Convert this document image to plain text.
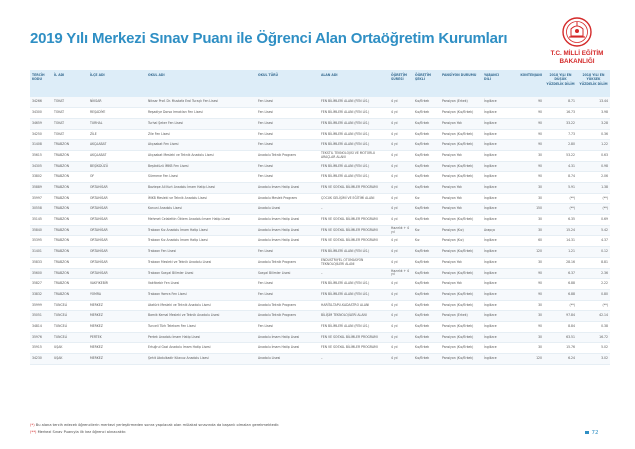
2019 Yılı Merkezi Sınav Puanı ile Öğrenci Alan Ortaöğretim Kurumları
T.C. MİLLİ EĞİTİM
BAKANLIĞI
TERCİH KODU	İL ADI	İLÇE ADI	OKUL ADI	OKUL TÜRÜ	ALAN ADI	ÖĞRETİM SÜRESİ	ÖĞRETİM ŞEKLİ	PANSİYON DURUMU	YABANCI DİLİ	KONTENJANI	2018 YILI EN DÜŞÜK YÜZDELİK DİLİM	2018 YILI EN YÜKSEK YÜZDELİK DİLİM
34266	TOKAT	NİKSAR	Niksar Prof. Dr. Mustafa Erol Turaçlı Fen Lisesi	Fen Lisesi	FEN BİLİMLERİ ALANI (FEN LİS.)	4 yıl	Kız/Erkek	Pansiyon (Erkek)	İngilizce	90	8.71	13.44
34300	TOKAT	REŞADİYE	Reşadiye Dorsa Irmakları Fen Lisesi	Fen Lisesi	FEN BİLİMLERİ ALANI (FEN LİS.)	4 yıl	Kız/Erkek	Pansiyon (Kız/Erkek)	İngilizce	90	16.73	3.98
34659	TOKAT	TURHAL	Turhal Şeker Fen Lisesi	Fen Lisesi	FEN BİLİMLERİ ALANI (FEN LİS.)	4 yıl	Kız/Erkek	Pansiyon Yok	İngilizce	90	33.22	3.28
34250	TOKAT	ZİLE	Zile Fen Lisesi	Fen Lisesi	FEN BİLİMLERİ ALANI (FEN LİS.)	4 yıl	Kız/Erkek	Pansiyon (Kız/Erkek)	İngilizce	90	7.73	0.36
31408	TRABZON	AKÇAABAT	Akçaabat Fen Lisesi	Fen Lisesi	FEN BİLİMLERİ ALANI (FEN LİS.)	4 yıl	Kız/Erkek	Pansiyon (Kız/Erkek)	İngilizce	90	2.80	1.22
35615	TRABZON	AKÇAABAT	Akçaabat Mesleki ve Teknik Anadolu Lisesi	Anadolu Teknik Programı	TEKSTİL TEKNOLOJİSİ VE MOTORLU ARAÇLAR ALANI	4 yıl	Kız/Erkek	Pansiyon Yok	İngilizce	30	53.22	0.63
34305	TRABZON	BEŞİKDÜZÜ	Beşikdüzü İMKB Fen Lisesi	Fen Lisesi	FEN BİLİMLERİ ALANI (FEN LİS.)	4 yıl	Kız/Erkek	Pansiyon (Kız/Erkek)	İngilizce	90	4.31	0.98
33802	TRABZON	OF	Sürmene Fen Lisesi	Fen Lisesi	FEN BİLİMLERİ ALANI (FEN LİS.)	4 yıl	Kız/Erkek	Pansiyon (Kız/Erkek)	İngilizce	90	8.74	2.06
35889	TRABZON	ORTAHİSAR	Boztepe Ali Kurt Anadolu İmam Hatip Lisesi	Anadolu İmam Hatip Lisesi	FEN VE SOSYAL BİLİMLER PROGRAMI	4 yıl	Kız/Erkek	Pansiyon Yok	İngilizce	30	5.91	1.38
35997	TRABZON	ORTAHİSAR	İMKB Mesleki ve Teknik Anadolu Lisesi	Anadolu Meslek Programı	ÇOCUK GELİŞİMİ VE EĞİTİMİ ALANI	4 yıl	Kız	Pansiyon Yok	İngilizce	30	(**)	(**)
30558	TRABZON	ORTAHİSAR	Kanuni Anadolu Lisesi	Anadolu Lisesi	–	4 yıl	Kız/Erkek	Pansiyon Yok	İngilizce	150	(**)	(**)
35145	TRABZON	ORTAHİSAR	Mehmet Celalettin Öktem Anadolu İmam Hatip Lisesi	Anadolu İmam Hatip Lisesi	FEN VE SOSYAL BİLİMLER PROGRAMI	4 yıl	Kız/Erkek	Pansiyon (Kız/Erkek)	İngilizce	30	6.35	0.69
35840	TRABZON	ORTAHİSAR	Trabzon Kız Anadolu İmam Hatip Lisesi	Anadolu İmam Hatip Lisesi	FEN VE SOSYAL BİLİMLER PROGRAMI	Hazırlık + 4 yıl	Kız	Pansiyon (Kız)	Arapça	30	15.24	5.42
35395	TRABZON	ORTAHİSAR	Trabzon Kız Anadolu İmam Hatip Lisesi	Anadolu İmam Hatip Lisesi	FEN VE SOSYAL BİLİMLER PROGRAMI	4 yıl	Kız	Pansiyon (Kız)	İngilizce	60	14.31	4.37
31401	TRABZON	ORTAHİSAR	Trabzon Fen Lisesi	Fen Lisesi	FEN BİLİMLERİ ALANI (FEN LİS.)	4 yıl	Kız/Erkek	Pansiyon (Kız/Erkek)	İngilizce	120	1.21	0.12
35833	TRABZON	ORTAHİSAR	Trabzon Mesleki ve Teknik Anadolu Lisesi	Anadolu Teknik Programı	ENDÜSTRİYEL OTOMASYON TEKNOLOJİLERİ ALANI	4 yıl	Kız/Erkek	Pansiyon Yok	İngilizce	30	28.16	8.81
35600	TRABZON	ORTAHİSAR	Trabzon Sosyal Bilimler Lisesi	Sosyal Bilimler Lisesi	–	Hazırlık + 4 yıl	Kız/Erkek	Pansiyon (Kız/Erkek)	İngilizce	90	6.37	2.36
35827	TRABZON	VAKFIKEBİR	Vakfıkebir Fen Lisesi	Fen Lisesi	FEN BİLİMLERİ ALANI (FEN LİS.)	4 yıl	Kız/Erkek	Pansiyon Yok	İngilizce	90	6.88	2.22
33832	TRABZON	YOMRA	Trabzon Yomra Fen Lisesi	Fen Lisesi	FEN BİLİMLERİ ALANI (FEN LİS.)	4 yıl	Kız/Erkek	Pansiyon (Kız/Erkek)	İngilizce	90	6.88	0.80
35999	TUNCELİ	MERKEZ	Atatürk Mesleki ve Teknik Anadolu Lisesi	Anadolu Teknik Programı	HARİTA-TAPU-KADASTRO ALANI	4 yıl	Kız/Erkek	Pansiyon (Kız/Erkek)	İngilizce	30	(**)	(**)
35051	TUNCELİ	MERKEZ	Bamik Kemal Mesleki ve Teknik Anadolu Lisesi	Anadolu Teknik Programı	BİLİŞİM TEKNOLOJİLERİ ALANI	4 yıl	Kız/Erkek	Pansiyon (Erkek)	İngilizce	30	97.84	42.14
34814	TUNCELİ	MERKEZ	Tunceli Türk Telekom Fen Lisesi	Fen Lisesi	FEN BİLİMLERİ ALANI (FEN LİS.)	4 yıl	Kız/Erkek	Pansiyon (Kız/Erkek)	İngilizce	90	8.84	0.38
35976	TUNCELİ	PERTEK	Pertek Anadolu İmam Hatip Lisesi	Anadolu İmam Hatip Lisesi	FEN VE SOSYAL BİLİMLER PROGRAMI	4 yıl	Kız/Erkek	Pansiyon (Kız/Erkek)	İngilizce	30	63.51	16.72
35915	UŞAK	MERKEZ	Ertuğrul Gazi Anadolu İmam Hatip Lisesi	Anadolu İmam Hatip Lisesi	FEN VE SOSYAL BİLİMLER PROGRAMI	4 yıl	Kız/Erkek	Pansiyon (Kız/Erkek)	İngilizce	30	15.76	5.02
34230	UŞAK	MERKEZ	Şehit Abdulkadir Kılavuz Anadolu Lisesi	Anadolu Lisesi	–	4 yıl	Kız/Erkek	Pansiyon (Kız/Erkek)	İngilizce	120	6.24	3.02
(*) Bu alana tercih edecek öğrencilerin merkezi yerleştirmeden sonra yapılacak olan mülakat sınavında da başarılı olmaları gerekmektedir.
(**) Merkezi Sınav Puanıyla ilk kez öğrenci alınacaktır.	72
